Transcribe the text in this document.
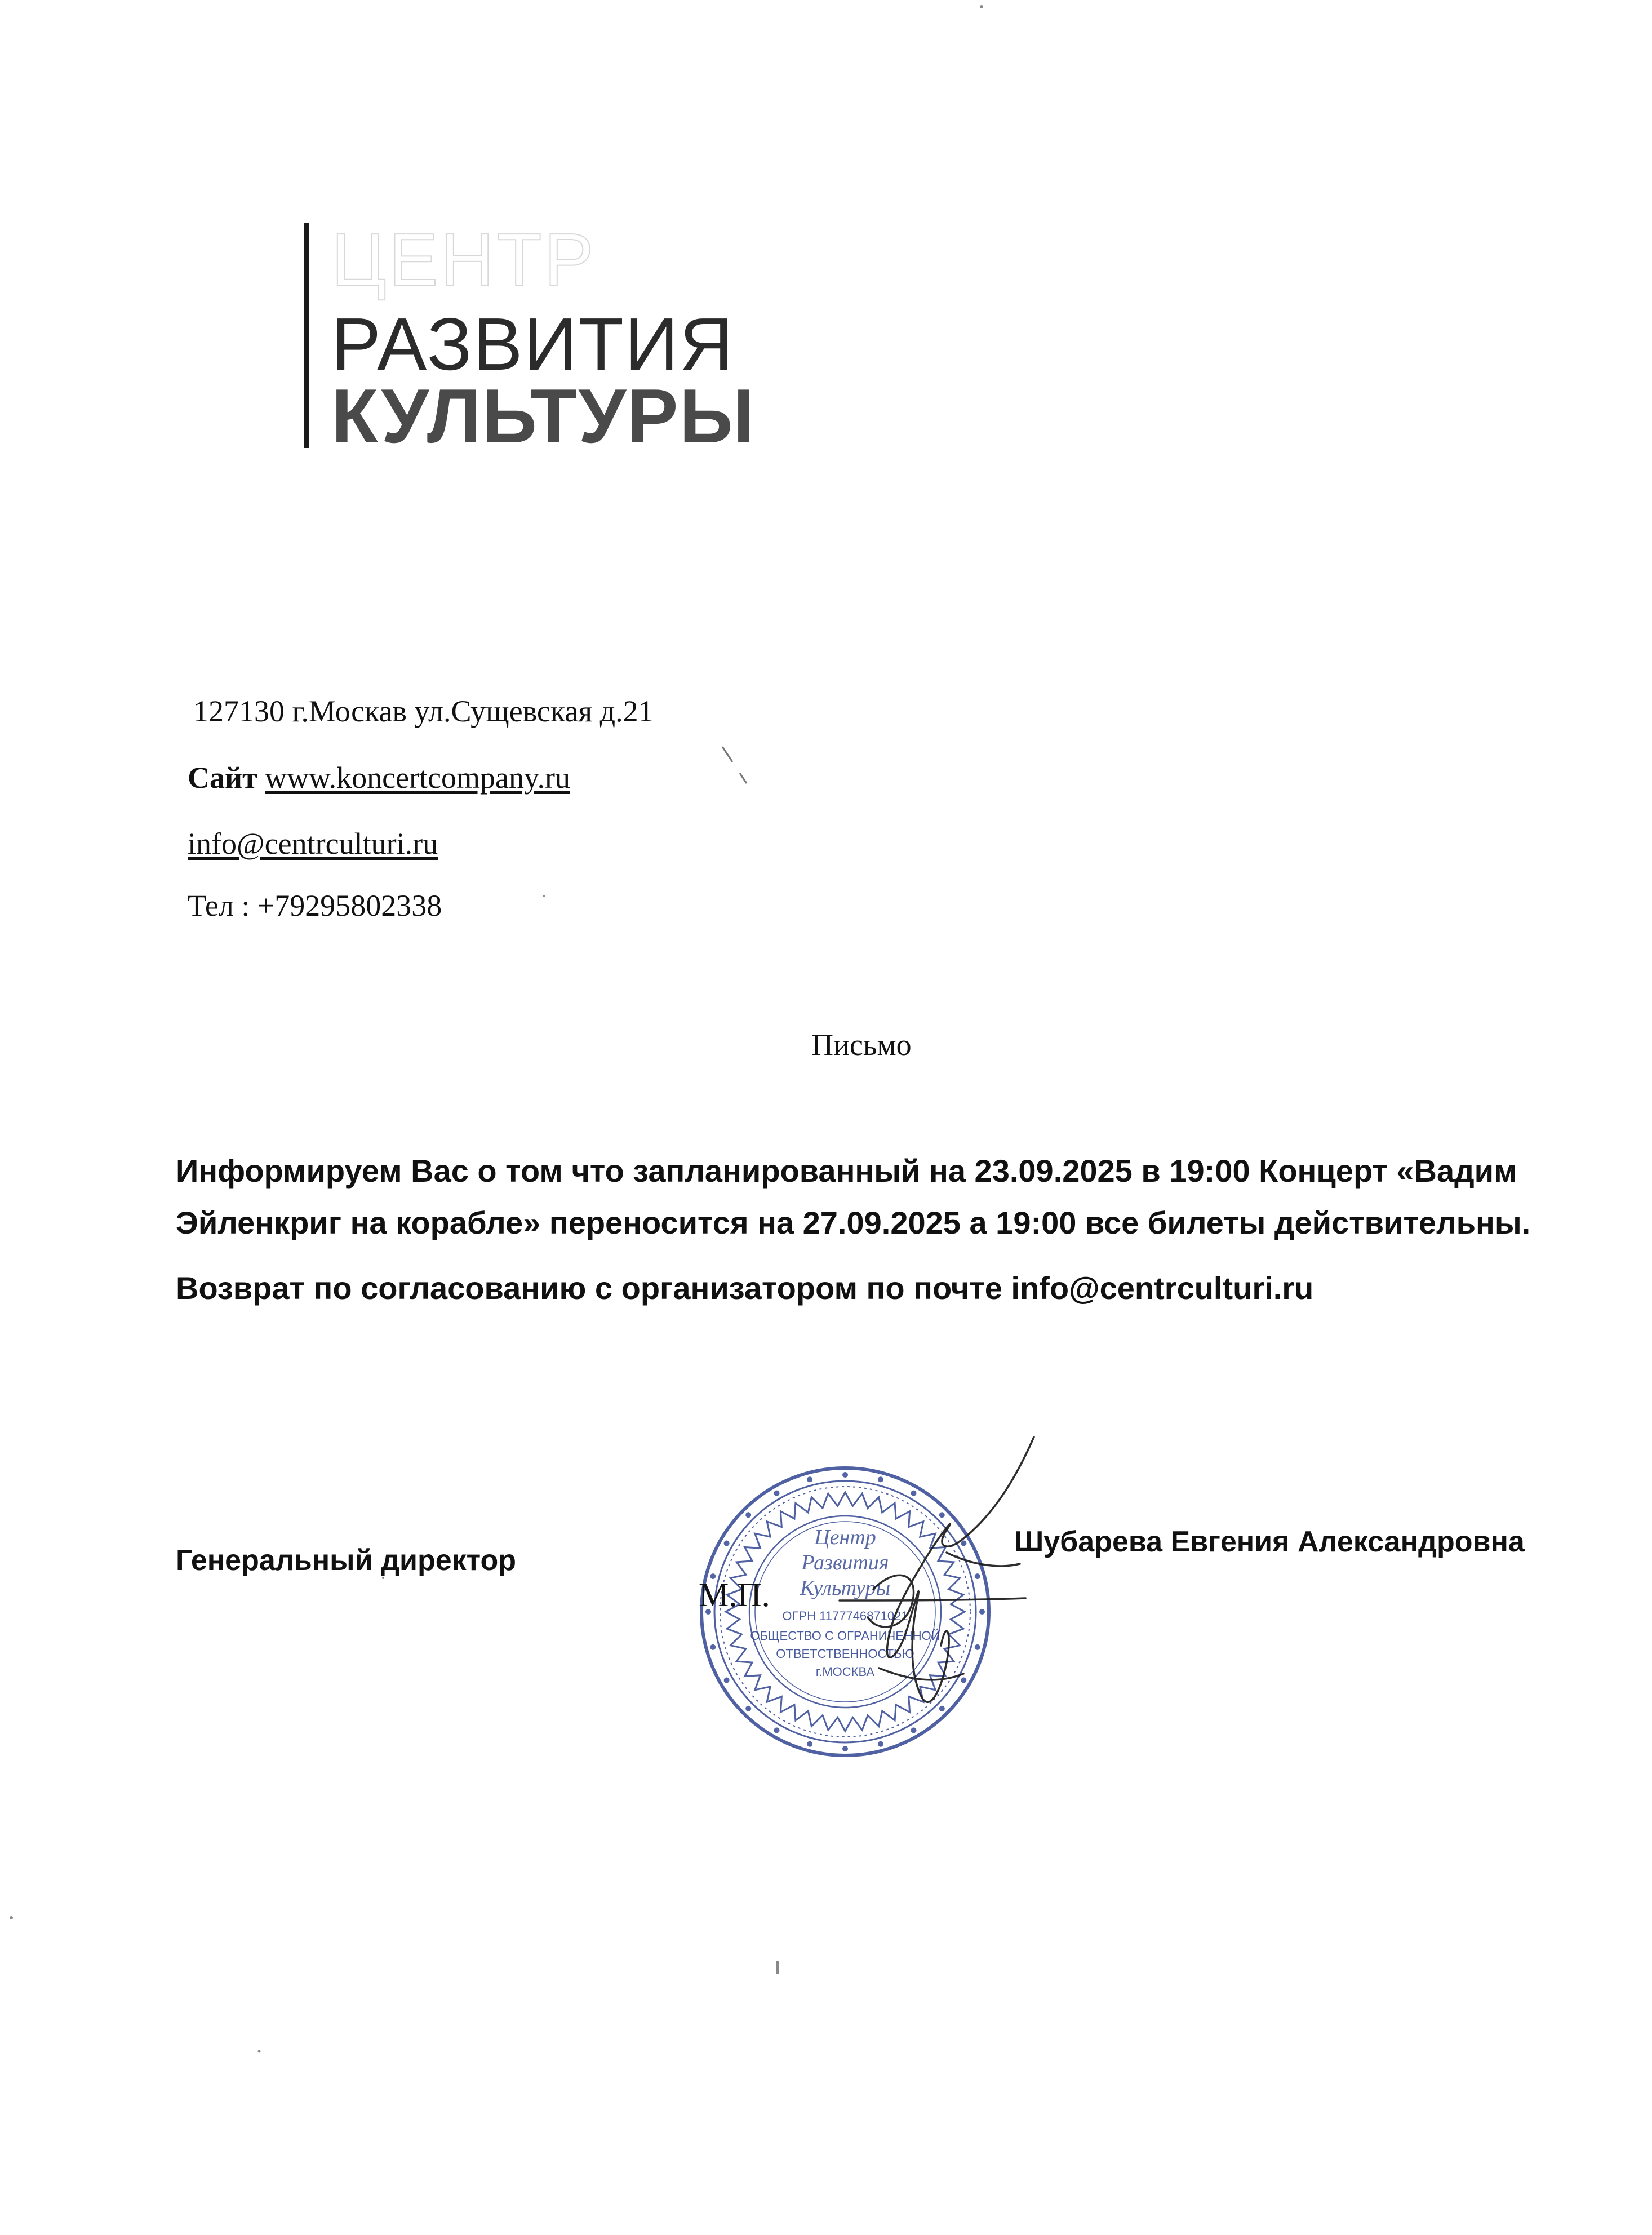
ЦЕНТР
РАЗВИТИЯ
КУЛЬТУРЫ
127130 г.Москав ул.Сущевская д.21
Сайт www.koncertcompany.ru
info@centrculturi.ru
Тел : +79295802338
Письмо
Информируем Вас о том что запланированный на 23.09.2025 в 19:00 Концерт «Вадим
Эйленкриг на корабле» переносится на 27.09.2025 а 19:00 все билеты действительны.
Возврат по согласованию с организатором по почте info@centrculturi.ru
Генеральный директор
Центр
Развития
Культуры
ОГРН 1177746871021
ОБЩЕСТВО С ОГРАНИЧЕННОЙ
ОТВЕТСТВЕННОСТЬЮ
г.МОСКВА
М.П.
Шубарева Евгения Александровна
